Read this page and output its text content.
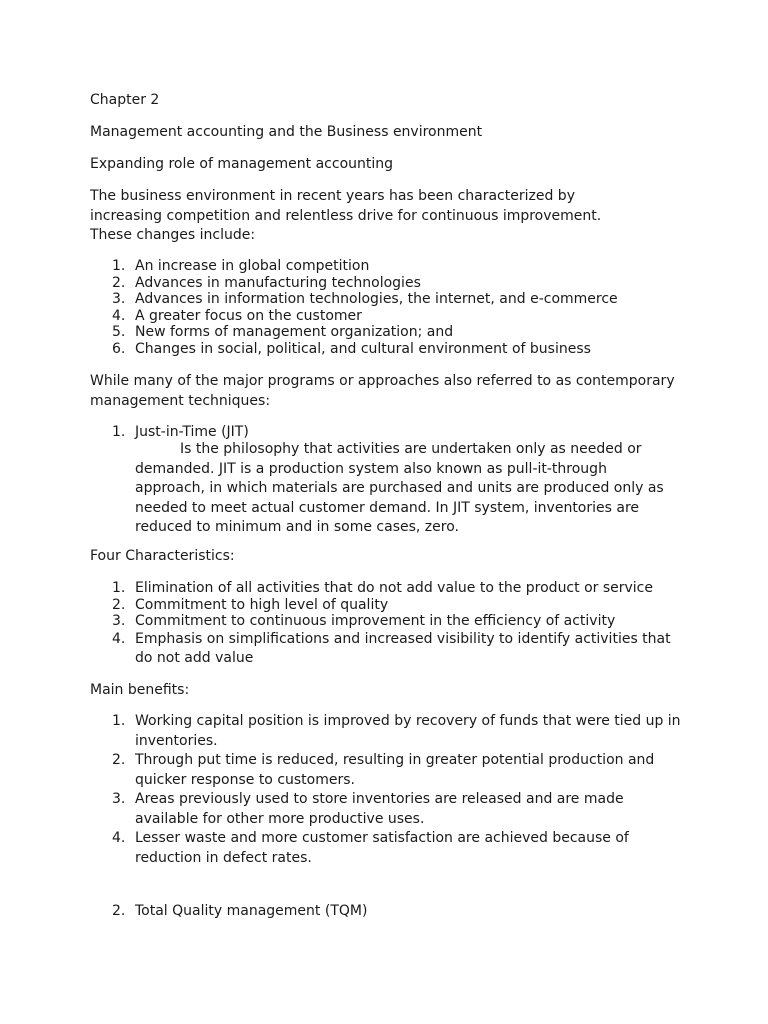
Chapter 2

Management accounting and the Business environment

Expanding role of management accounting

The business environment in recent years has been characterized by increasing competition and relentless drive for continuous improvement. These changes include:

1. An increase in global competition
2. Advances in manufacturing technologies
3. Advances in information technologies, the internet, and e-commerce
4. A greater focus on the customer
5. New forms of management organization; and
6. Changes in social, political, and cultural environment of business

While many of the major programs or approaches also referred to as contemporary management techniques:

1. Just-in-Time (JIT)

Is the philosophy that activities are undertaken only as needed or demanded. JIT is a production system also known as pull-it-through approach, in which materials are purchased and units are produced only as needed to meet actual customer demand. In JIT system, inventories are reduced to minimum and in some cases, zero.

Four Characteristics:

1. Elimination of all activities that do not add value to the product or service
2. Commitment to high level of quality
3. Commitment to continuous improvement in the efficiency of activity
4. Emphasis on simplifications and increased visibility to identify activities that do not add value

Main benefits:

1. Working capital position is improved by recovery of funds that were tied up in inventories.
2. Through put time is reduced, resulting in greater potential production and quicker response to customers.
3. Areas previously used to store inventories are released and are made available for other more productive uses.
4. Lesser waste and more customer satisfaction are achieved because of reduction in defect rates.
2. Total Quality management (TQM)
